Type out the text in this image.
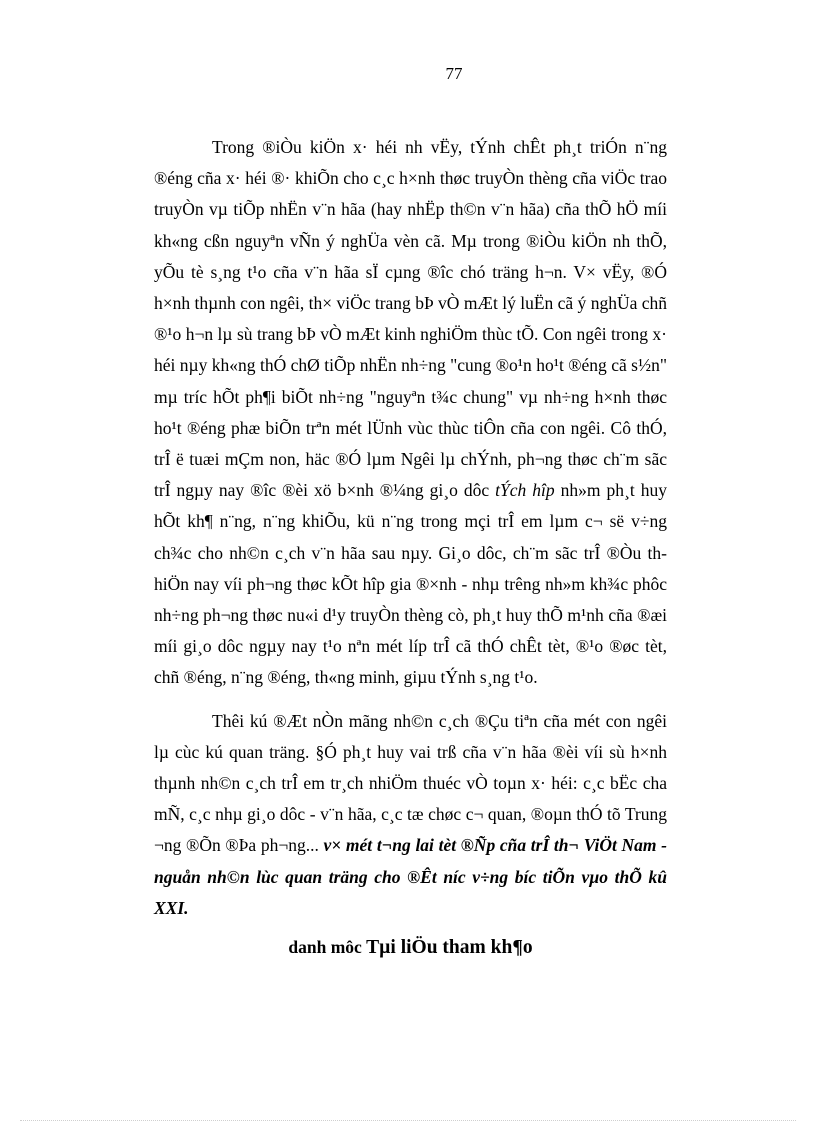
77

Trong ®iÒu kiÖn x· héi nh vËy, tÝnh chÊt ph¸t triÓn n¨ng ®éng cña x· héi ®· khiÕn cho c¸c h×nh thøc truyÒn thèng cña viÖc trao truyÒn vµ tiÕp nhËn v¨n hãa (hay nhËp th©n v¨n hãa) cña thÕ hÖ míi kh«ng cßn nguyªn vÑn ý nghÜa vèn cã. Mµ trong ®iÒu kiÖn nh thÕ, yÕu tè s¸ng t¹o cña v¨n hãa sÏ cµng ®îc chó träng h¬n. V× vËy, ®Ó h×nh thµnh con ngêi, th× viÖc trang bÞ vÒ mÆt lý luËn cã ý nghÜa chñ ®¹o h¬n lµ sù trang bÞ vÒ mÆt kinh nghiÖm thùc tÕ. Con ngêi trong x· héi nµy kh«ng thÓ chØ tiÕp nhËn nh÷ng "cung ®o¹n ho¹t ®éng cã s½n" mµ tríc hÕt ph¶i biÕt nh÷ng "nguyªn t¾c chung" vµ nh÷ng h×nh thøc ho¹t ®éng phæ biÕn trªn mét lÜnh vùc thùc tiÔn cña con ngêi. Cô thÓ, trÎ ë tuæi mÇm non, häc ®Ó lµm Ngêi lµ chÝnh, ph¬ng thøc ch¨m sãc trÎ ngµy nay ®îc ®èi xö b×nh ®¼ng gi¸o dôc tÝch hîp nh»m ph¸t huy hÕt kh¶ n¨ng, n¨ng khiÕu, kü n¨ng trong mçi trÎ em lµm c¬ së v÷ng ch¾c cho nh©n c¸ch v¨n hãa sau nµy. Gi¸o dôc, ch¨m sãc trÎ ®Òu th hiÖn nay víi ph¬ng thøc kÕt hîp gia ®×nh - nhµ trêng nh»m kh¾c phôc nh÷ng ph¬ng thøc nu«i d¹y truyÒn thèng cò, ph¸t huy thÕ m¹nh cña ®æi míi gi¸o dôc ngµy nay t¹o nªn mét líp trÎ cã thÓ chÊt tèt, ®¹o ®øc tèt, chñ ®éng, n¨ng ®éng, th«ng minh, giµu tÝnh s¸ng t¹o.

Thêi kú ®Æt nÒn mãng nh©n c¸ch ®Çu tiªn cña mét con ngêi lµ cùc kú quan träng. §Ó ph¸t huy vai trß cña v¨n hãa ®èi víi sù h×nh thµnh nh©n c¸ch trÎ em tr¸ch nhiÖm thuéc vÒ toµn x· héi: c¸c bËc cha mÑ, c¸c nhµ gi¸o dôc - v¨n hãa, c¸c tæ chøc c¬ quan, ®oµn thÓ tõ Trung ¬ng ®Õn ®Þa ph¬ng... v× mét t¬ng lai tèt ®Ñp cña trÎ th¬ ViÖt Nam - nguån nh©n lùc quan träng cho ®Êt níc v÷ng bíc tiÕn vµo thÕ kû XXI.

danh môc Tµi liÖu tham kh¶o
